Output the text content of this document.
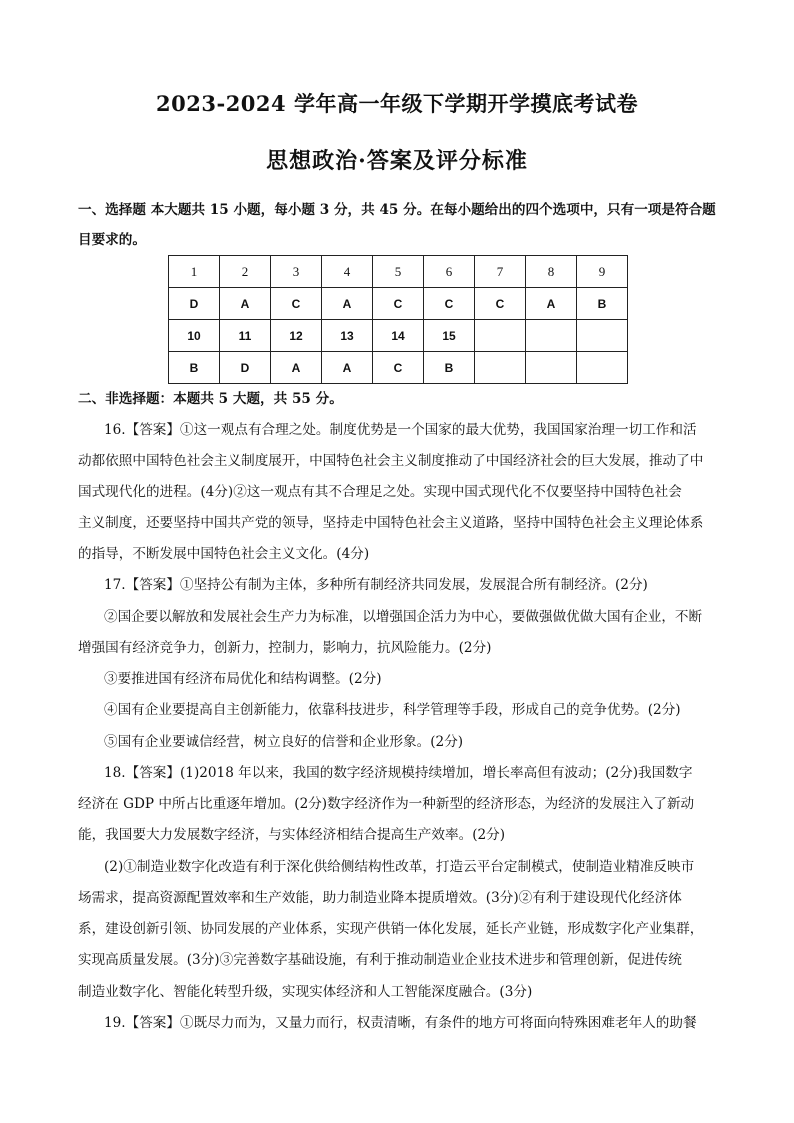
2023-2024 学年高一年级下学期开学摸底考试卷
思想政治·答案及评分标准
一、选择题 本大题共 15 小题，每小题 3 分，共 45 分。在每小题给出的四个选项中，只有一项是符合题
目要求的。
1	2	3	4	5	6	7	8	9
D	A	C	A	C	C	C	A	B
10	11	12	13	14	15			
B	D	A	A	C	B			
二、非选择题：本题共 5 大题，共 55 分。
16.【答案】①这一观点有合理之处。制度优势是一个国家的最大优势，我国国家治理一切工作和活
动都依照中国特色社会主义制度展开，中国特色社会主义制度推动了中国经济社会的巨大发展，推动了中
国式现代化的进程。(4分)②这一观点有其不合理足之处。实现中国式现代化不仅要坚持中国特色社会
主义制度，还要坚持中国共产党的领导，坚持走中国特色社会主义道路，坚持中国特色社会主义理论体系
的指导，不断发展中国特色社会主义文化。(4分)
17.【答案】①坚持公有制为主体，多种所有制经济共同发展，发展混合所有制经济。(2分)
②国企要以解放和发展社会生产力为标准，以增强国企活力为中心，要做强做优做大国有企业，不断
增强国有经济竞争力，创新力，控制力，影响力，抗风险能力。(2分)
③要推进国有经济布局优化和结构调整。(2分)
④国有企业要提高自主创新能力，依靠科技进步，科学管理等手段，形成自己的竞争优势。(2分)
⑤国有企业要诚信经营，树立良好的信誉和企业形象。(2分)
18.【答案】(1)2018 年以来，我国的数字经济规模持续增加，增长率高但有波动；(2分)我国数字
经济在 GDP 中所占比重逐年增加。(2分)数字经济作为一种新型的经济形态，为经济的发展注入了新动
能，我国要大力发展数字经济，与实体经济相结合提高生产效率。(2分)
(2)①制造业数字化改造有利于深化供给侧结构性改革，打造云平台定制模式，使制造业精准反映市
场需求，提高资源配置效率和生产效能，助力制造业降本提质增效。(3分)②有利于建设现代化经济体
系，建设创新引领、协同发展的产业体系，实现产供销一体化发展，延长产业链，形成数字化产业集群，
实现高质量发展。(3分)③完善数字基础设施，有利于推动制造业企业技术进步和管理创新，促进传统
制造业数字化、智能化转型升级，实现实体经济和人工智能深度融合。(3分)
19.【答案】①既尽力而为，又量力而行，权责清晰，有条件的地方可将面向特殊困难老年人的助餐
